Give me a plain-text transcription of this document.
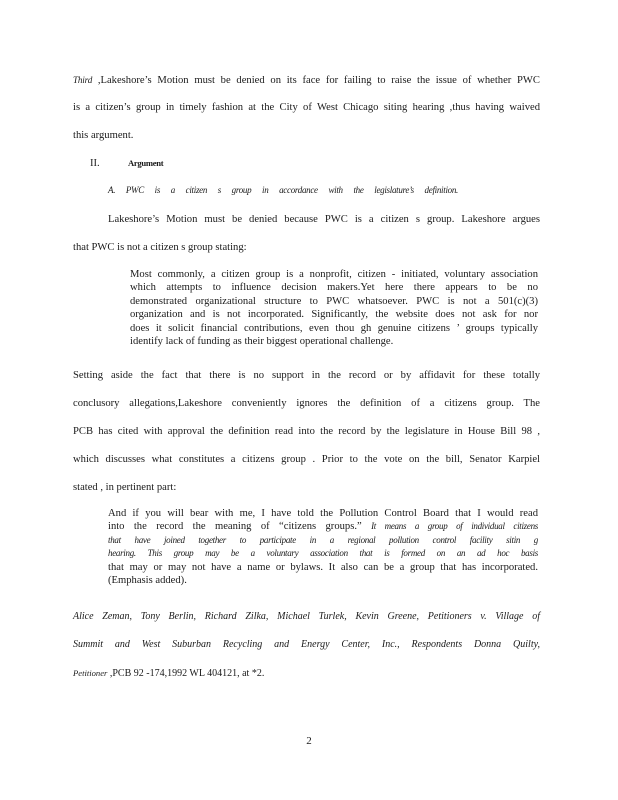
Third ,Lakeshore’s Motion must be denied on its face for failing to raise the issue of whether PWC
is a citizen’s group in timely fashion at the City of West Chicago siting hearing ,thus having waived
this argument.
II.	Argument
A. PWC is a citizen s group in accordance with the legislature’s definition.
Lakeshore’s Motion must be denied because PWC is a citizen s group. Lakeshore argues
that PWC is not a citizen s group stating:
Most commonly, a citizen group is a nonprofit, citizen - initiated, voluntary association
which attempts to influence decision makers.Yet here there appears to be no
demonstrated organizational structure to PWC whatsoever. PWC is not a 501(c)(3)
organization and is not incorporated. Significantly, the website does not ask for nor
does it solicit financial contributions, even thou gh genuine citizens ’ groups typically
identify lack of funding as their biggest operational challenge.
Setting aside the fact that there is no support in the record or by affidavit for these totally
conclusory allegations,Lakeshore conveniently ignores the definition of a citizens group. The
PCB has cited with approval the definition read into the record by the legislature in House Bill 98 ,
which discusses what constitutes a citizens group . Prior to the vote on the bill, Senator Karpiel
stated , in pertinent part:
And if you will bear with me, I have told the Pollution Control Board that I would read
into the record the meaning of “citizens groups.” It means a group of individual citizens
that have joined together to participate in a regional pollution control facility sitin g
hearing. This group may be a voluntary association that is formed on an ad hoc basis
that may or may not have a name or bylaws. It also can be a group that has incorporated.
(Emphasis added).
Alice Zeman, Tony Berlin, Richard Zilka, Michael Turlek, Kevin Greene, Petitioners v. Village of
Summit and West Suburban Recycling and Energy Center, Inc., Respondents Donna Quilty,
Petitioner ,PCB 92 -174,1992 WL 404121, at *2.
2
